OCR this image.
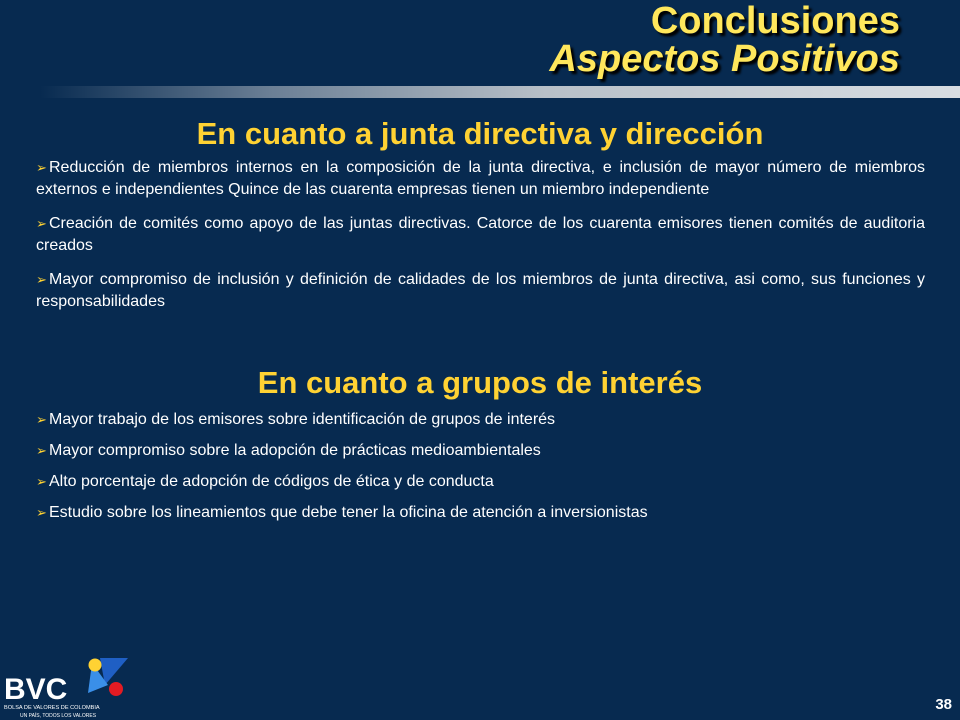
Conclusiones
Aspectos Positivos
En cuanto a junta directiva y dirección
➢ Reducción de miembros internos en la composición de la junta directiva, e inclusión de mayor número de miembros externos e independientes Quince de las cuarenta empresas tienen un miembro independiente
➢ Creación de comités como apoyo de las juntas directivas. Catorce de los cuarenta emisores tienen comités de auditoria creados
➢ Mayor compromiso de inclusión y definición de calidades de los miembros de junta directiva, asi como, sus funciones y responsabilidades
En cuanto a grupos de interés
➢ Mayor trabajo de los emisores sobre identificación de grupos de interés
➢ Mayor compromiso sobre la adopción de prácticas medioambientales
➢ Alto porcentaje de adopción de códigos de ética y de conducta
➢ Estudio sobre los lineamientos que debe tener la oficina de atención a inversionistas
BVC
BOLSA DE VALORES DE COLOMBIA
UN PAÍS, TODOS LOS VALORES
38
